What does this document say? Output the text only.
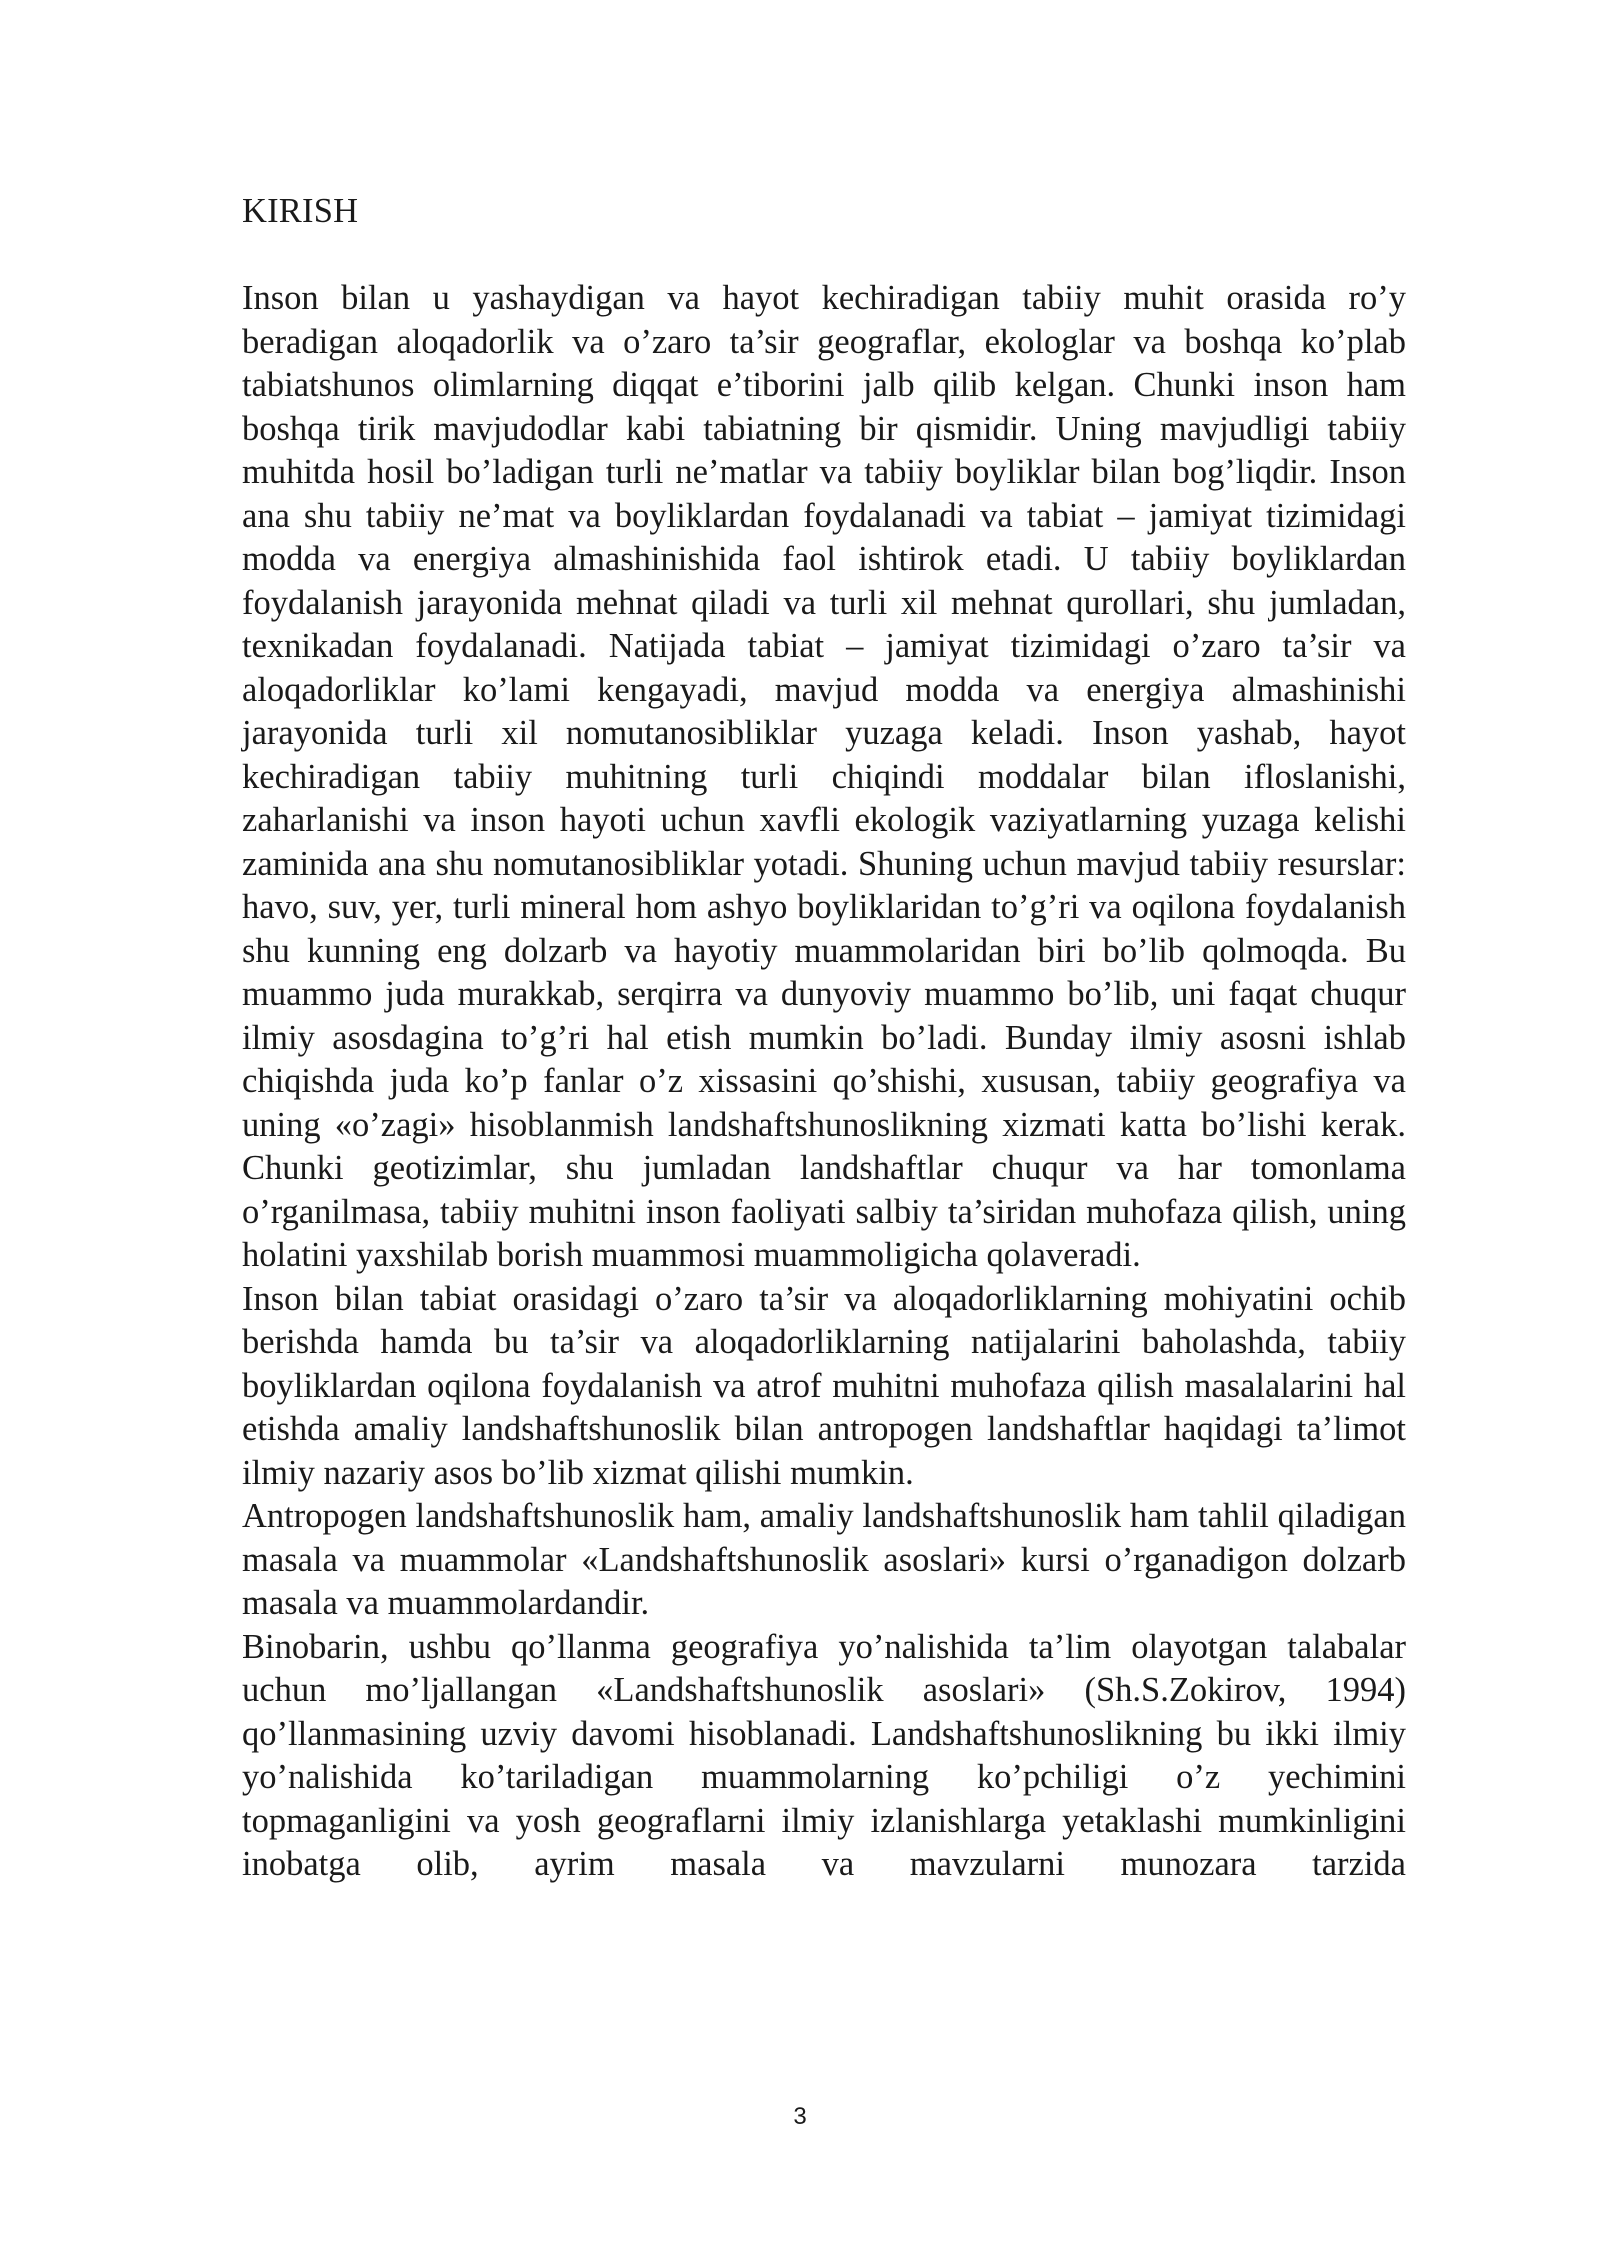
KIRISH

Inson bilan u yashaydigan va hayot kechiradigan tabiiy muhit orasida ro’y beradigan aloqadorlik va o’zaro ta’sir geograflar, ekologlar va boshqa ko’plab tabiatshunos olimlarning diqqat e’tiborini jalb qilib kelgan. Chunki inson ham boshqa tirik mavjudodlar kabi tabiatning bir qismidir. Uning mavjudligi tabiiy muhitda hosil bo’ladigan turli ne’matlar va tabiiy boyliklar bilan bog’liqdir. Inson ana shu tabiiy ne’mat va boyliklardan foydalanadi va tabiat – jamiyat tizimidagi modda va energiya almashinishida faol ishtirok etadi. U tabiiy boyliklardan foydalanish jarayonida mehnat qiladi va turli xil mehnat qurollari, shu jumladan, texnikadan foydalanadi. Natijada tabiat – jamiyat tizimidagi o’zaro ta’sir va aloqadorliklar ko’lami kengayadi, mavjud modda va energiya almashinishi jarayonida turli xil nomutanosibliklar yuzaga keladi. Inson yashab, hayot kechiradigan tabiiy muhitning turli chiqindi moddalar bilan ifloslanishi, zaharlanishi va inson hayoti uchun xavfli ekologik vaziyatlarning yuzaga kelishi zaminida ana shu nomutanosibliklar yotadi. Shuning uchun mavjud tabiiy resurslar: havo, suv, yer, turli mineral hom ashyo boyliklaridan to’g’ri va oqilona foydalanish shu kunning eng dolzarb va hayotiy muammolaridan biri bo’lib qolmoqda. Bu muammo juda murakkab, serqirra va dunyoviy muammo bo’lib, uni faqat chuqur ilmiy asosdagina to’g’ri hal etish mumkin bo’ladi. Bunday ilmiy asosni ishlab chiqishda juda ko’p fanlar o’z xissasini qo’shishi, xususan, tabiiy geografiya va uning «o’zagi» hisoblanmish landshaftshunoslikning xizmati katta bo’lishi kerak. Chunki geotizimlar, shu jumladan landshaftlar chuqur va har tomonlama o’rganilmasa, tabiiy muhitni inson faoliyati salbiy ta’siridan muhofaza qilish, uning holatini yaxshilab borish muammosi muammoligicha qolaveradi.

Inson bilan tabiat orasidagi o’zaro ta’sir va aloqadorliklarning mohiyatini ochib berishda hamda bu ta’sir va aloqadorliklarning natijalarini baholashda, tabiiy boyliklardan oqilona foydalanish va atrof muhitni muhofaza qilish masalalarini hal etishda amaliy landshaftshunoslik bilan antropogen landshaftlar haqidagi ta’limot ilmiy nazariy asos bo’lib xizmat qilishi mumkin.

Antropogen landshaftshunoslik ham, amaliy landshaftshunoslik ham tahlil qiladigan masala va muammolar «Landshaftshunoslik asoslari» kursi o’rganadigon dolzarb masala va muammolardandir.

Binobarin, ushbu qo’llanma geografiya yo’nalishida ta’lim olayotgan talabalar uchun mo’ljallangan «Landshaftshunoslik asoslari» (Sh.S.Zokirov, 1994) qo’llanmasining uzviy davomi hisoblanadi. Landshaftshunoslikning bu ikki ilmiy yo’nalishida ko’tariladigan muammolarning ko’pchiligi o’z yechimini topmaganligini va yosh geograflarni ilmiy izlanishlarga yetaklashi mumkinligini inobatga olib, ayrim masala va mavzularni munozara tarzida

3
